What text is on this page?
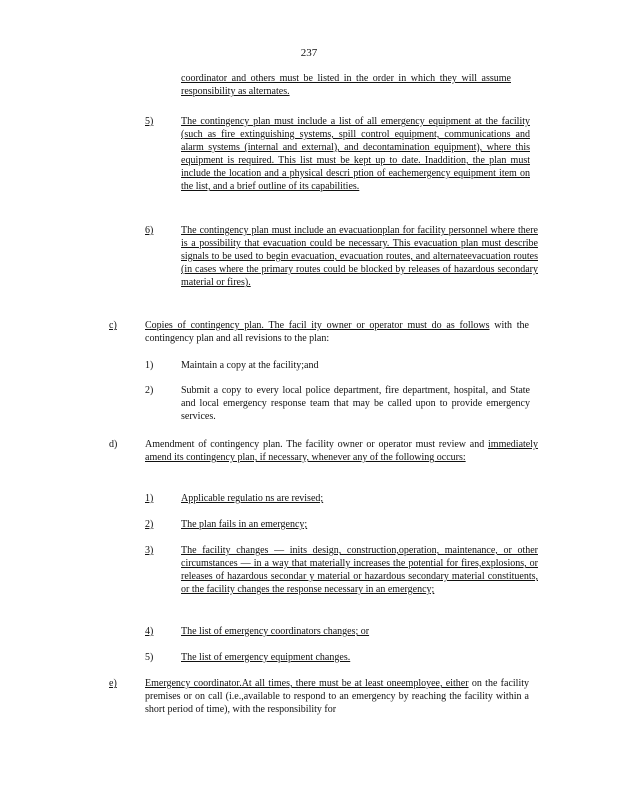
237
coordinator and others must be listed in the order in which they will assume responsibility as alternates.
5)	The contingency plan must include a list of all emergency equipment at the facility (such as fire extinguishing systems, spill control equipment, communications and alarm systems (internal and external), and decontamination equipment), where this equipment is required. This list must be kept up to date. Inaddition, the plan must include the location and a physical descri ption of eachemergency equipment item on the list, and a brief outline of its capabilities.
6)	The contingency plan must include an evacuationplan for facility personnel where there is a possibility that evacuation could be necessary. This evacuation plan must describe signals to be used to begin evacuation, evacuation routes, and alternateevacuation routes (in cases where the primary routes could be blocked by releases of hazardous secondary material or fires).
c)	Copies of contingency plan. The facil ity owner or operator must do as follows with the contingency plan and all revisions to the plan:
1)	Maintain a copy at the facility;and
2)	Submit a copy to every local police department, fire department, hospital, and State and local emergency response team that may be called upon to provide emergency services.
d)	Amendment of contingency plan. The facility owner or operator must review and immediately amend its contingency plan, if necessary, whenever any of the following occurs:
1)	Applicable regulatio ns are revised;
2)	The plan fails in an emergency;
3)	The facility changes — inits design, construction,operation, maintenance, or other circumstances — in a way that materially increases the potential for fires,explosions, or releases of hazardous secondar y material or hazardous secondary material constituents, or the facility changes the response necessary in an emergency;
4)	The list of emergency coordinators changes; or
5)	The list of emergency equipment changes.
e)	Emergency coordinator.At all times, there must be at least oneemployee, either on the facility premises or on call (i.e.,available to respond to an emergency by reaching the facility within a short period of time), with the responsibility for
